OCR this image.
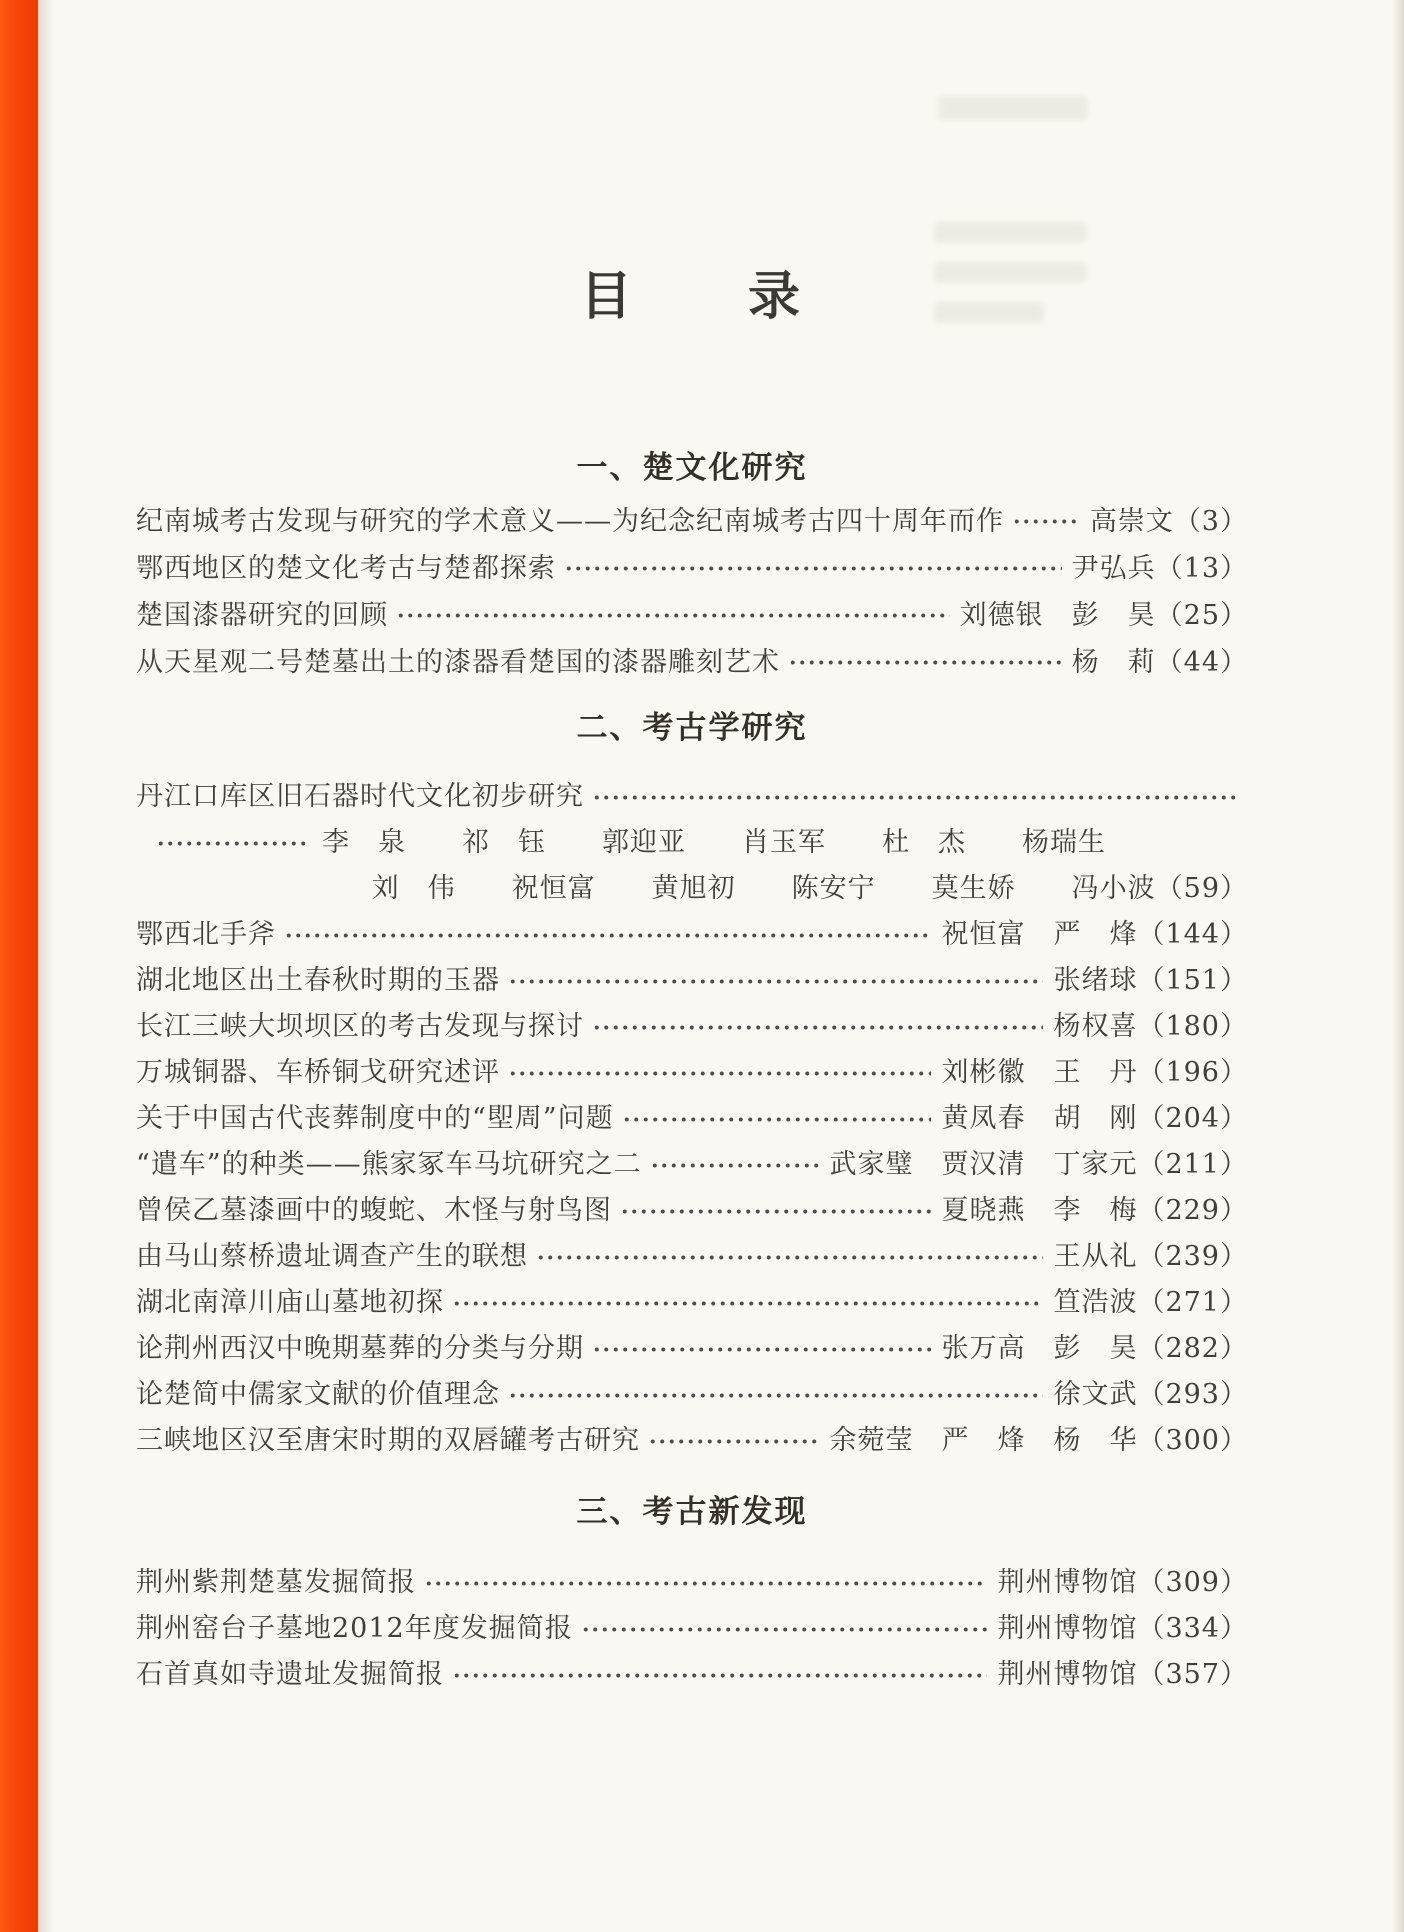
目　　录
一、楚文化研究
纪南城考古发现与研究的学术意义——为纪念纪南城考古四十周年而作	高崇文 （3）
鄂西地区的楚文化考古与楚都探索	尹弘兵 （13）
楚国漆器研究的回顾	刘德银　彭　昊 （25）
从天星观二号楚墓出土的漆器看楚国的漆器雕刻艺术	杨　莉 （44）
二、考古学研究
丹江口库区旧石器时代文化初步研究
李　泉　　祁　钰　　郭迎亚　　肖玉军　　杜　杰　　杨瑞生
刘　伟　　祝恒富　　黄旭初　　陈安宁　　莫生娇　　冯小波 （59）
鄂西北手斧	祝恒富　严　烽 （144）
湖北地区出土春秋时期的玉器	张绪球 （151）
长江三峡大坝坝区的考古发现与探讨	杨权喜 （180）
万城铜器、车桥铜戈研究述评	刘彬徽　王　丹 （196）
关于中国古代丧葬制度中的“堲周”问题	黄凤春　胡　刚 （204）
“遣车”的种类——熊家冢车马坑研究之二	武家璧　贾汉清　丁家元 （211）
曾侯乙墓漆画中的蝮蛇、木怪与射鸟图	夏晓燕　李　梅 （229）
由马山蔡桥遗址调查产生的联想	王从礼 （239）
湖北南漳川庙山墓地初探	笪浩波 （271）
论荆州西汉中晚期墓葬的分类与分期	张万高　彭　昊 （282）
论楚简中儒家文献的价值理念	徐文武 （293）
三峡地区汉至唐宋时期的双唇罐考古研究	余菀莹　严　烽　杨　华 （300）
三、考古新发现
荆州紫荆楚墓发掘简报	荆州博物馆 （309）
荆州窑台子墓地2012年度发掘简报	荆州博物馆 （334）
石首真如寺遗址发掘简报	荆州博物馆 （357）
